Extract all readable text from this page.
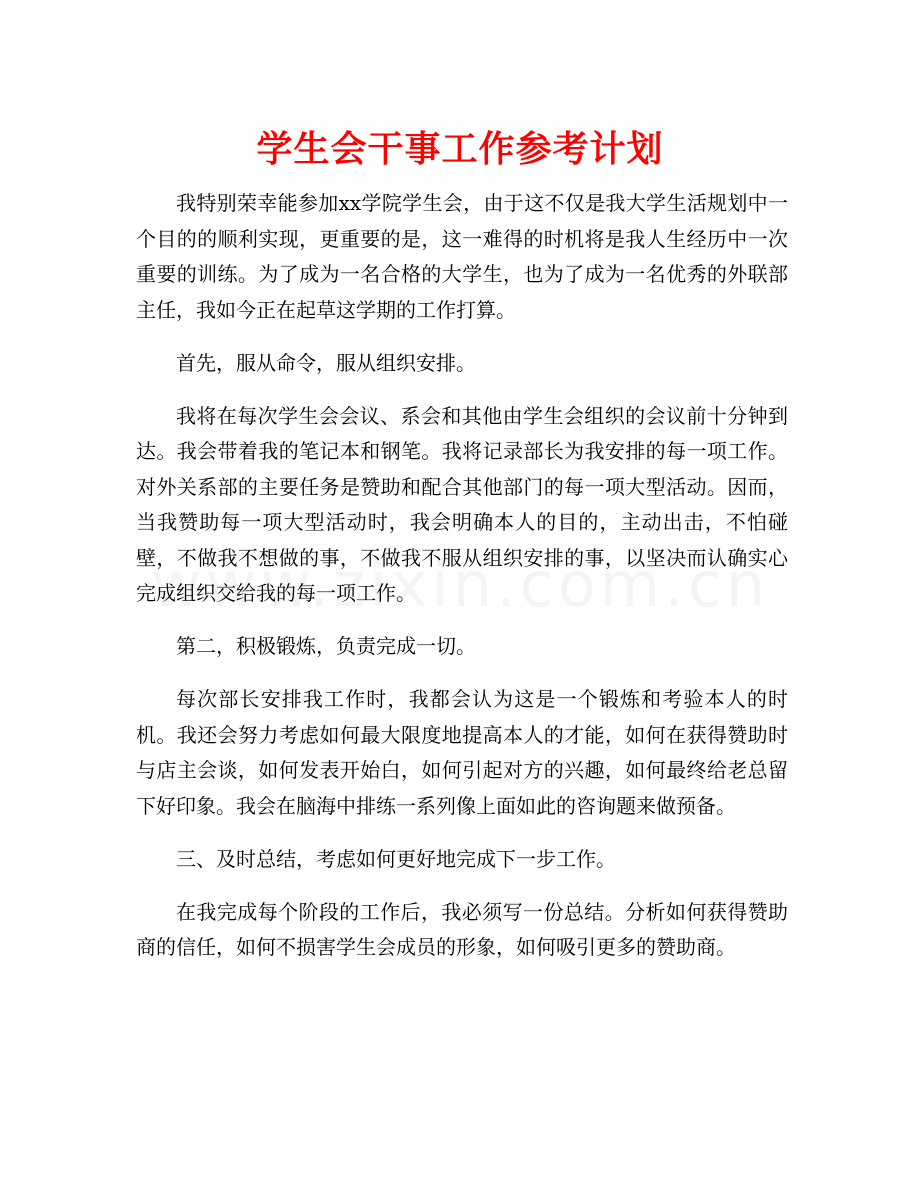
学生会干事工作参考计划

我特别荣幸能参加xx学院学生会，由于这不仅是我大学生活规划中一个目的的顺利实现，更重要的是，这一难得的时机将是我人生经历中一次重要的训练。为了成为一名合格的大学生，也为了成为一名优秀的外联部主任，我如今正在起草这学期的工作打算。

首先，服从命令，服从组织安排。

我将在每次学生会会议、系会和其他由学生会组织的会议前十分钟到达。我会带着我的笔记本和钢笔。我将记录部长为我安排的每一项工作。对外关系部的主要任务是赞助和配合其他部门的每一项大型活动。因而，当我赞助每一项大型活动时，我会明确本人的目的，主动出击，不怕碰壁，不做我不想做的事，不做我不服从组织安排的事，以坚决而认确实心完成组织交给我的每一项工作。

第二，积极锻炼，负责完成一切。

每次部长安排我工作时，我都会认为这是一个锻炼和考验本人的时机。我还会努力考虑如何最大限度地提高本人的才能，如何在获得赞助时与店主会谈，如何发表开始白，如何引起对方的兴趣，如何最终给老总留下好印象。我会在脑海中排练一系列像上面如此的咨询题来做预备。

三、及时总结，考虑如何更好地完成下一步工作。

在我完成每个阶段的工作后，我必须写一份总结。分析如何获得赞助商的信任，如何不损害学生会成员的形象，如何吸引更多的赞助商。
